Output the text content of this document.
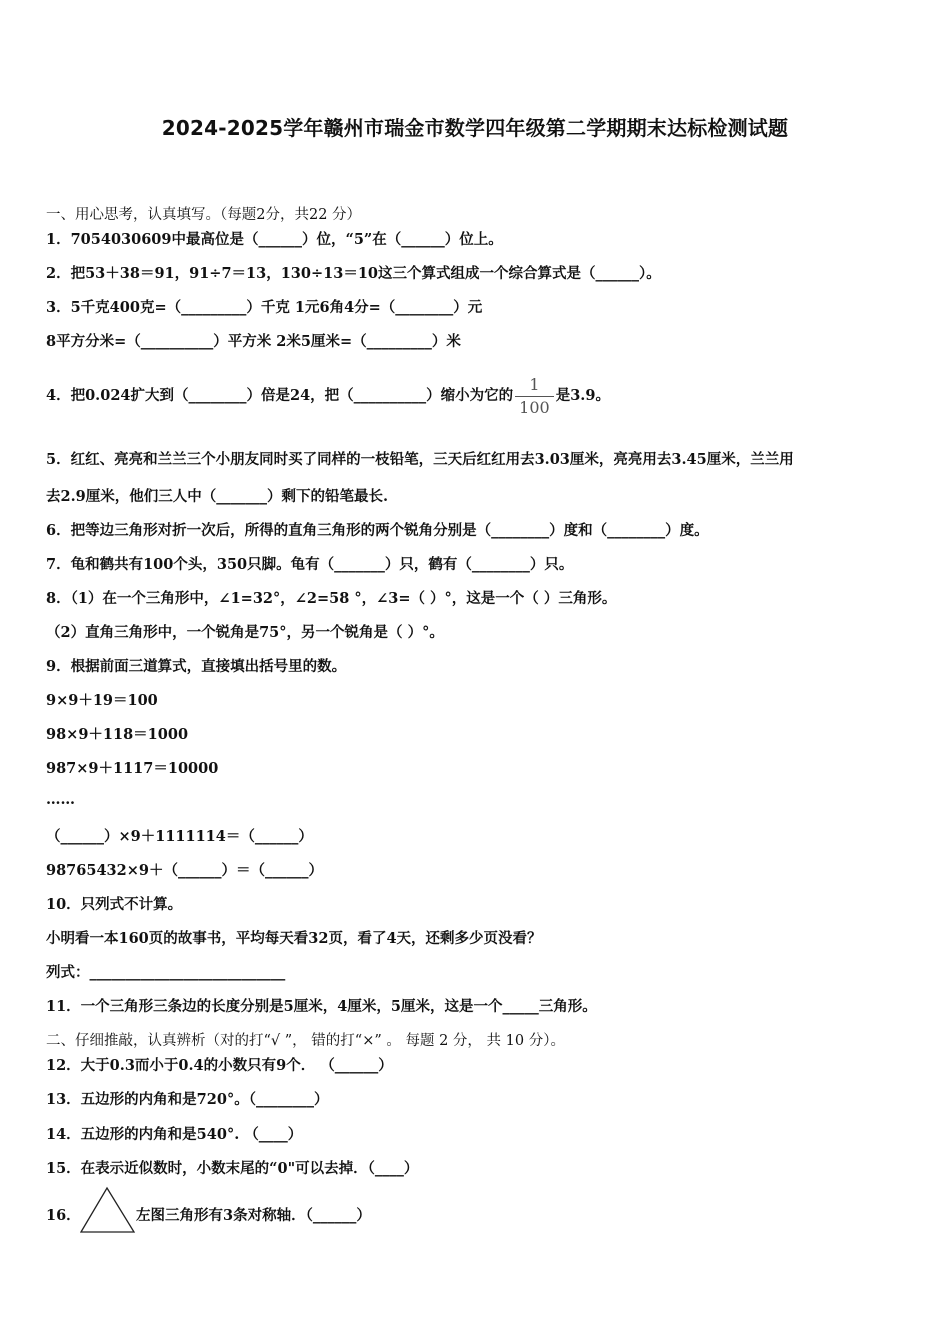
2024-2025学年赣州市瑞金市数学四年级第二学期期末达标检测试题
一、用心思考，认真填写。（每题2分，共22 分）
1．7054030609中最高位是（______）位，“5”在（______）位上。
2．把53＋38＝91，91÷7＝13，130÷13＝10这三个算式组成一个综合算式是（______）。
3．5千克400克=（_________）千克 1元6角4分=（________）元
8平方分米=（__________）平方米 2米5厘米=（_________）米
4．把0.024扩大到（________）倍是24，把（__________）缩小为它的 $\frac{1}{100}$ 是3.9。
5．红红、亮亮和兰兰三个小朋友同时买了同样的一枝铅笔，三天后红红用去3.03厘米，亮亮用去3.45厘米，兰兰用
去2.9厘米，他们三人中（_______）剩下的铅笔最长.
6．把等边三角形对折一次后，所得的直角三角形的两个锐角分别是（________）度和（________）度。
7．龟和鹤共有100个头，350只脚。龟有（_______）只，鹤有（________）只。
8．（1）在一个三角形中，∠1=32°，∠2=58 °，∠3=（ ）°，这是一个（ ）三角形。
（2）直角三角形中，一个锐角是75°，另一个锐角是（ ）°。
9．根据前面三道算式，直接填出括号里的数。
9×9＋19＝100
98×9＋118＝1000
987×9＋1117＝10000
……
（______）×9＋1111114＝（______）
98765432×9＋（______）＝（______）
10．只列式不计算。
小明看一本160页的故事书，平均每天看32页，看了4天，还剩多少页没看？
列式：___________________________
11．一个三角形三条边的长度分别是5厘米，4厘米，5厘米，这是一个_____三角形。
二、仔细推敲，认真辨析（对的打“√ ”， 错的打“×” 。 每题 2 分， 共 10 分）。
12．大于0.3而小于0.4的小数只有9个． （______）
13．五边形的内角和是720°。（________）
14．五边形的内角和是540°. （____）
15．在表示近似数时，小数末尾的“0"可以去掉．（____）
16．	左图三角形有3条对称轴．（______）
